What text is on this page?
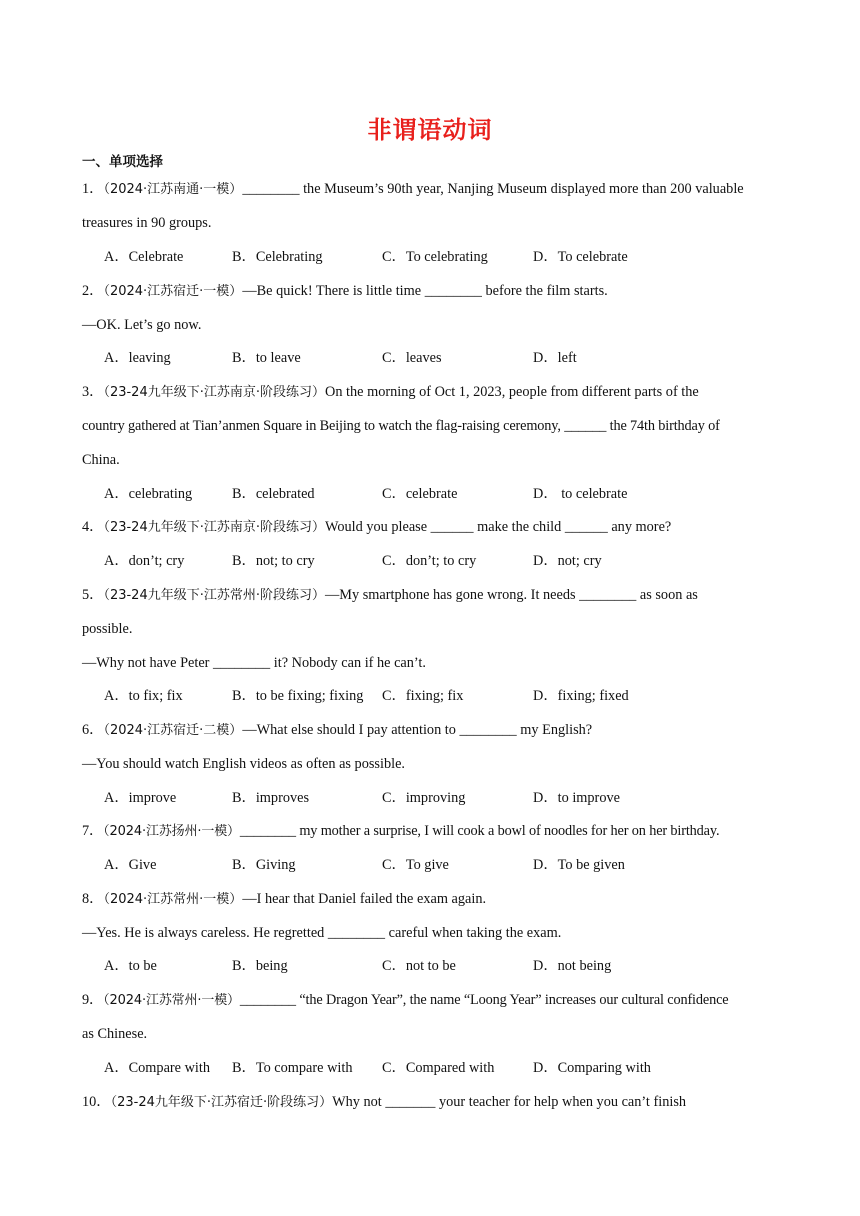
非谓语动词
一、单项选择
1．（2024·江苏南通·一模）________ the Museum’s 90th year, Nanjing Museum displayed more than 200 valuable
treasures in 90 groups.
A．Celebrate	B．Celebrating	C．To celebrating	D．To celebrate
2．（2024·江苏宿迁·一模）—Be quick! There is little time ________ before the film starts.
—OK. Let’s go now.
A．leaving	B．to leave	C．leaves	D．left
3．（23-24九年级下·江苏南京·阶段练习）On the morning of Oct 1, 2023, people from different parts of the
country gathered at Tian’anmen Square in Beijing to watch the flag-raising ceremony, ______ the 74th birthday of
China.
A．celebrating	B．celebrated	C．celebrate	D． to celebrate
4．（23-24九年级下·江苏南京·阶段练习）Would you please ______ make the child ______ any more?
A．don’t; cry	B．not; to cry	C．don’t; to cry	D．not; cry
5．（23-24九年级下·江苏常州·阶段练习）—My smartphone has gone wrong. It needs ________ as soon as
possible.
—Why not have Peter ________ it? Nobody can if he can’t.
A．to fix; fix	B．to be fixing; fixing C．fixing; fix	D．fixing; fixed
6．（2024·江苏宿迁·二模）—What else should I pay attention to ________ my English?
—You should watch English videos as often as possible.
A．improve	B．improves	C．improving	D．to improve
7．（2024·江苏扬州·一模）________ my mother a surprise, I will cook a bowl of noodles for her on her birthday.
A．Give	B．Giving	C．To give	D．To be given
8．（2024·江苏常州·一模）—I hear that Daniel failed the exam again.
—Yes. He is always careless. He regretted ________ careful when taking the exam.
A．to be	B．being	C．not to be	D．not being
9．（2024·江苏常州·一模）________ “the Dragon Year”, the name “Loong Year” increases our cultural confidence
as Chinese.
A．Compare with B．To compare with C．Compared with	D．Comparing with
10．（23-24九年级下·江苏宿迁·阶段练习）Why not _______ your teacher for help when you can’t finish
